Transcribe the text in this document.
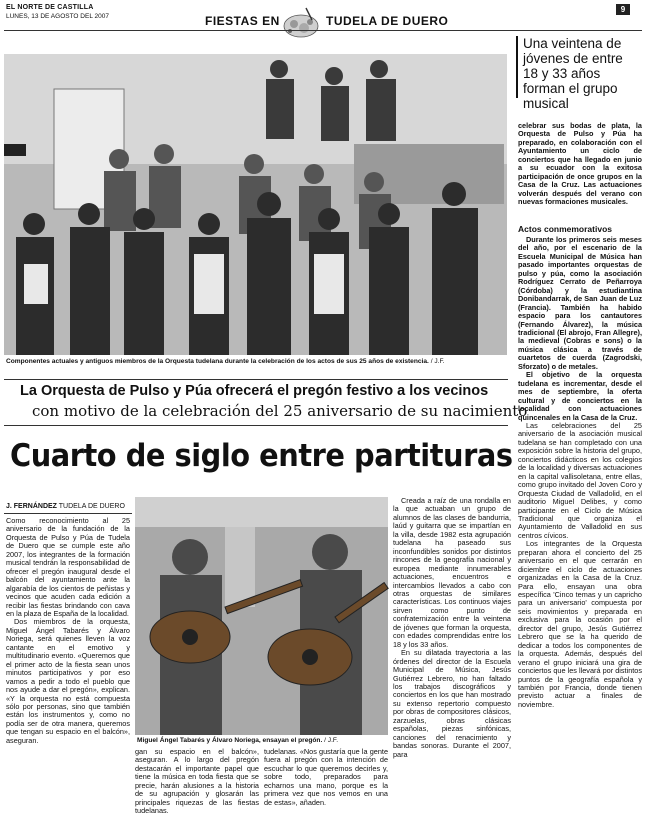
EL NORTE DE CASTILLA
LUNES, 13 DE AGOSTO DEL 2007	FIESTAS EN	TUDELA DE DUERO
9
Componentes actuales y antiguos miembros de la Orquesta tudelana durante la celebración de los actos de sus 25 años de existencia. / J.F.
Una veintena de jóvenes de entre 18 y 33 años forman el grupo musical

celebrar sus bodas de plata, la Orquesta de Pulso y Púa ha preparado, en colaboración con el Ayuntamiento un ciclo de conciertos que ha llegado en junio a su ecuador con la exitosa participación de once grupos en la Casa de la Cruz. Las actuaciones volverán después del verano con nuevas formaciones musicales.

Actos conmemorativos

Durante los primeros seis meses del año, por el escenario de la Escuela Municipal de Música han pasado importantes orquestas de pulso y púa, como la asociación Rodríguez Cerrato de Peñarroya (Córdoba) y la estudiantina Donibandarrak, de San Juan de Luz (Francia). También ha habido espacio para los cantautores (Fernando Álvarez), la música tradicional (El abrojo, Fran Allegre), la medieval (Cobras e sons) o la música clásica a través de cuartetos de cuerda (Zagrodski, Sforzato) o de metales.

El objetivo de la orquesta tudelana es incrementar, desde el mes de septiembre, la oferta cultural y de conciertos en la localidad con actuaciones quincenales en la Casa de la Cruz.

Las celebraciones del 25 aniversario de la asociación musical tudelana se han completado con una exposición sobre la historia del grupo, conciertos didácticos en los colegios de la localidad y diversas actuaciones en la capital vallisoletana, entre ellas, como grupo invitado del Joven Coro y Orquesta Ciudad de Valladolid, en el auditorio Miguel Delibes, y como participante en el Ciclo de Música Tradicional que organiza el Ayuntamiento de Valladolid en sus centros cívicos.

Los integrantes de la Orquesta preparan ahora el concierto del 25 aniversario en el que cerrarán en diciembre el ciclo de actuaciones organizadas en la Casa de la Cruz. Para ello, ensayan una obra específica 'Cinco temas y un capricho para un aniversario' compuesta por seis movimientos y preparada en exclusiva para la ocasión por el director del grupo, Jesús Gutiérrez Lebrero que se la ha querido de dedicar a todos los componentes de la orquesta. Además, después del verano el grupo iniciará una gira de conciertos que les llevará por distintos puntos de la geografía española y también por Francia, donde tienen previsto actuar a finales de noviembre.

La Orquesta de Pulso y Púa ofrecerá el pregón festivo a los vecinos
con motivo de la celebración del 25 aniversario de su nacimiento
Cuarto de siglo entre partituras
J. FERNÁNDEZ TUDELA DE DUERO

Como reconocimiento al 25 aniversario de la fundación de la Orquesta de Pulso y Púa de Tudela de Duero que se cumple este año 2007, los integrantes de la formación musical tendrán la responsabilidad de ofrecer el pregón inaugural desde el balcón del ayuntamiento ante la algarabía de los cientos de peñistas y vecinos que acuden cada edición a recibir las fiestas brindando con cava en la plaza de España de la localidad.

Dos miembros de la orquesta, Miguel Ángel Tabarés y Álvaro Noriega, será quienes lleven la voz cantante en el emotivo y multitudinario evento. «Queremos que el primer acto de la fiesta sean unos minutos participativos y por eso vamos a pedir a todo el pueblo que nos ayude a dar el pregón», explican. «Y la orquesta no está compuesta sólo por personas, sino que también están los instrumentos y, como no podía ser de otra manera, queremos que tengan su espacio en el balcón», aseguran.

gan su espacio en el balcón», aseguran. A lo largo del pregón destacarán el importante papel que tiene la música en toda fiesta que se precie, harán alusiones a la historia de su agrupación y glosarán las principales riquezas de las fiestas tudelanas.
tudelanas. «Nos gustaría que la gente fuera al pregón con la intención de escuchar lo que queremos decirles y, sobre todo, preparados para echarnos una mano, porque es la primera vez que nos vemos en una de estas», añaden.

Creada a raíz de una rondalla en la que actuaban un grupo de alumnos de las clases de bandurria, laúd y guitarra que se impartían en la villa, desde 1982 esta agrupación tudelana ha paseado sus inconfundibles sonidos por distintos rincones de la geografía nacional y europea mediante innumerables actuaciones, encuentros e intercambios llevados a cabo con otras orquestas de similares características. Los continuos viajes sirven como punto de confraternización entre la veintena de jóvenes que forman la orquesta, con edades comprendidas entre los 18 y los 33 años.

En su dilatada trayectoria a las órdenes del director de la Escuela Municipal de Música, Jesús Gutiérrez Lebrero, no han faltado los trabajos discográficos y conciertos en los que han mostrado su extenso repertorio compuesto por obras de compositores clásicos, zarzuelas, obras clásicas españolas, piezas sinfónicas, canciones del renacimiento y bandas sonoras. Durante el 2007, para

Miguel Ángel Tabarés y Álvaro Noriega, ensayan el pregón. / J.F.
